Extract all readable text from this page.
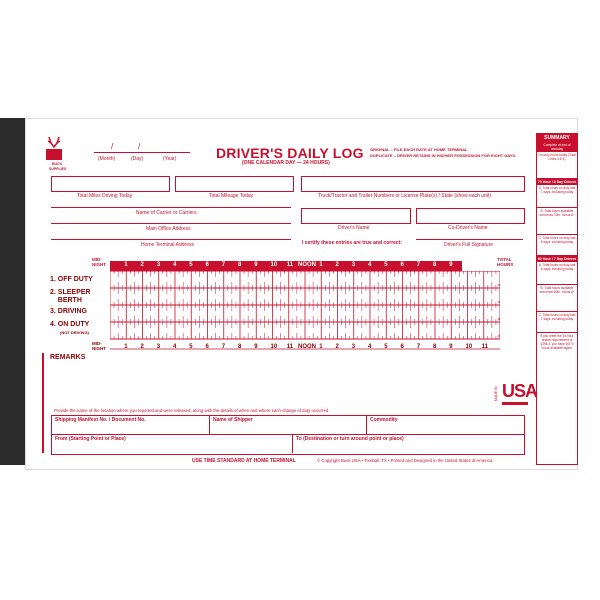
BUCK
SUPPLIES
/	/
(Month)	(Day)	(Year)	DRIVER'S DAILY LOG
(ONE CALENDAR DAY — 24 HOURS)
ORIGINAL – FILE EACH DATE AT HOME TERMINAL
DUPLICATE – DRIVER RETAINS IN HIS/HER POSSESSION FOR EIGHT DAYS.
Total Miles Driving Today	Total Mileage Today	Truck/Tractor and Trailer Numbers or License Plate(s) / State (show each unit)
Name of Carrier or Carriers
Main Office Address
Home Terminal Address
Driver's Name	Co-Driver's Name
I certify these entries are true and correct:	Driver's Full Signature
MID-
NIGHT
TOTAL
HOURS
1. OFF DUTY
2. SLEEPER
BERTH
3. DRIVING
4. ON DUTY
(NOT DRIVING)
MID-
NIGHT
REMARKS
MADE IN USA
Provide the name of the location where you reported and were released, along with the details of when and where each change of duty occurred.
Shipping Manifest No. / Document No.	Name of Shipper	Commodity
From (Starting Point or Place)	To (Destination or turn around point or place)
USE TIME STANDARD AT HOME TERMINAL	© Copyright Buck USA • Tomball, TX • Printed and Designed in the United States of America
SUMMARY
Complete at end of workday
On-duty hours today (Total Lines 3 & 4)
70 Hour / 8 Day Drivers
A. Total hours on duty last 7 days, including today
B. Total hours available tomorrow 70hr. minus A*
C. Total hours on duty last 8 days, including today
60 Hour / 7 Day Drivers
A. Total hours on duty last 6 days, including today
B. Total hours available tomorrow 60hr. minus A*
C. Total hours on duty last 7 days, including today
If you meet the 34-hour restart requirement of §395.3, you have 60/70 hours available again.
1 2 3 4 5 6 7 8 9 10 11 NOON 1 2 3 4 5 6 7 8 9 10 11
1 2 3 4 5 6 7 8 9 10 11 NOON 1 2 3 4 5 6 7 8 9 10 11
